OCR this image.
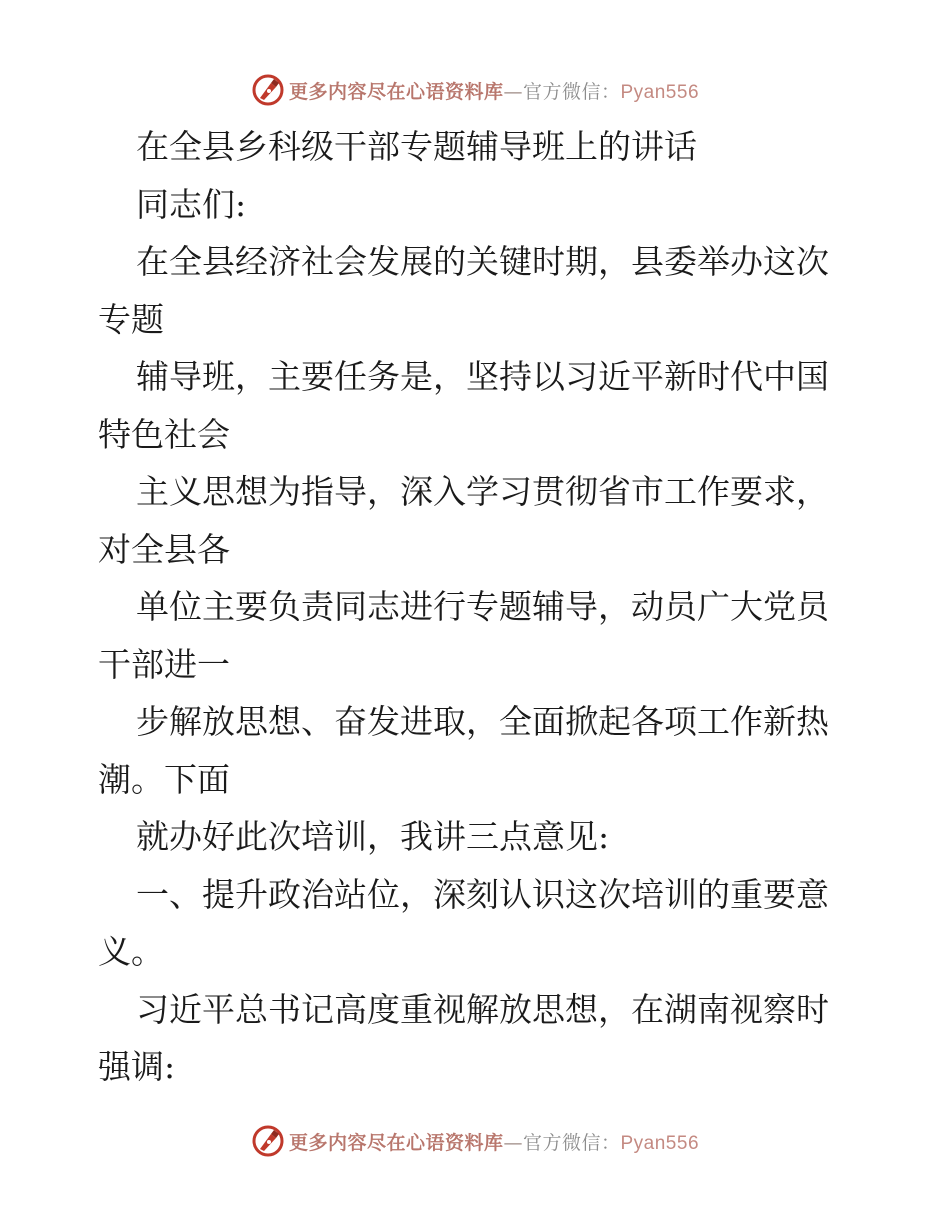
更多内容尽在心语资料库—官方微信：Pyan556
在全县乡科级干部专题辅导班上的讲话
同志们:
在全县经济社会发展的关键时期，县委举办这次
专题
辅导班，主要任务是，坚持以习近平新时代中国
特色社会
主义思想为指导，深入学习贯彻省市工作要求，
对全县各
单位主要负责同志进行专题辅导，动员广大党员
干部进一
步解放思想、奋发进取，全面掀起各项工作新热
潮。下面
就办好此次培训，我讲三点意见:
一、提升政治站位，深刻认识这次培训的重要意
义。
习近平总书记高度重视解放思想，在湖南视察时
强调:
更多内容尽在心语资料库—官方微信：Pyan556
